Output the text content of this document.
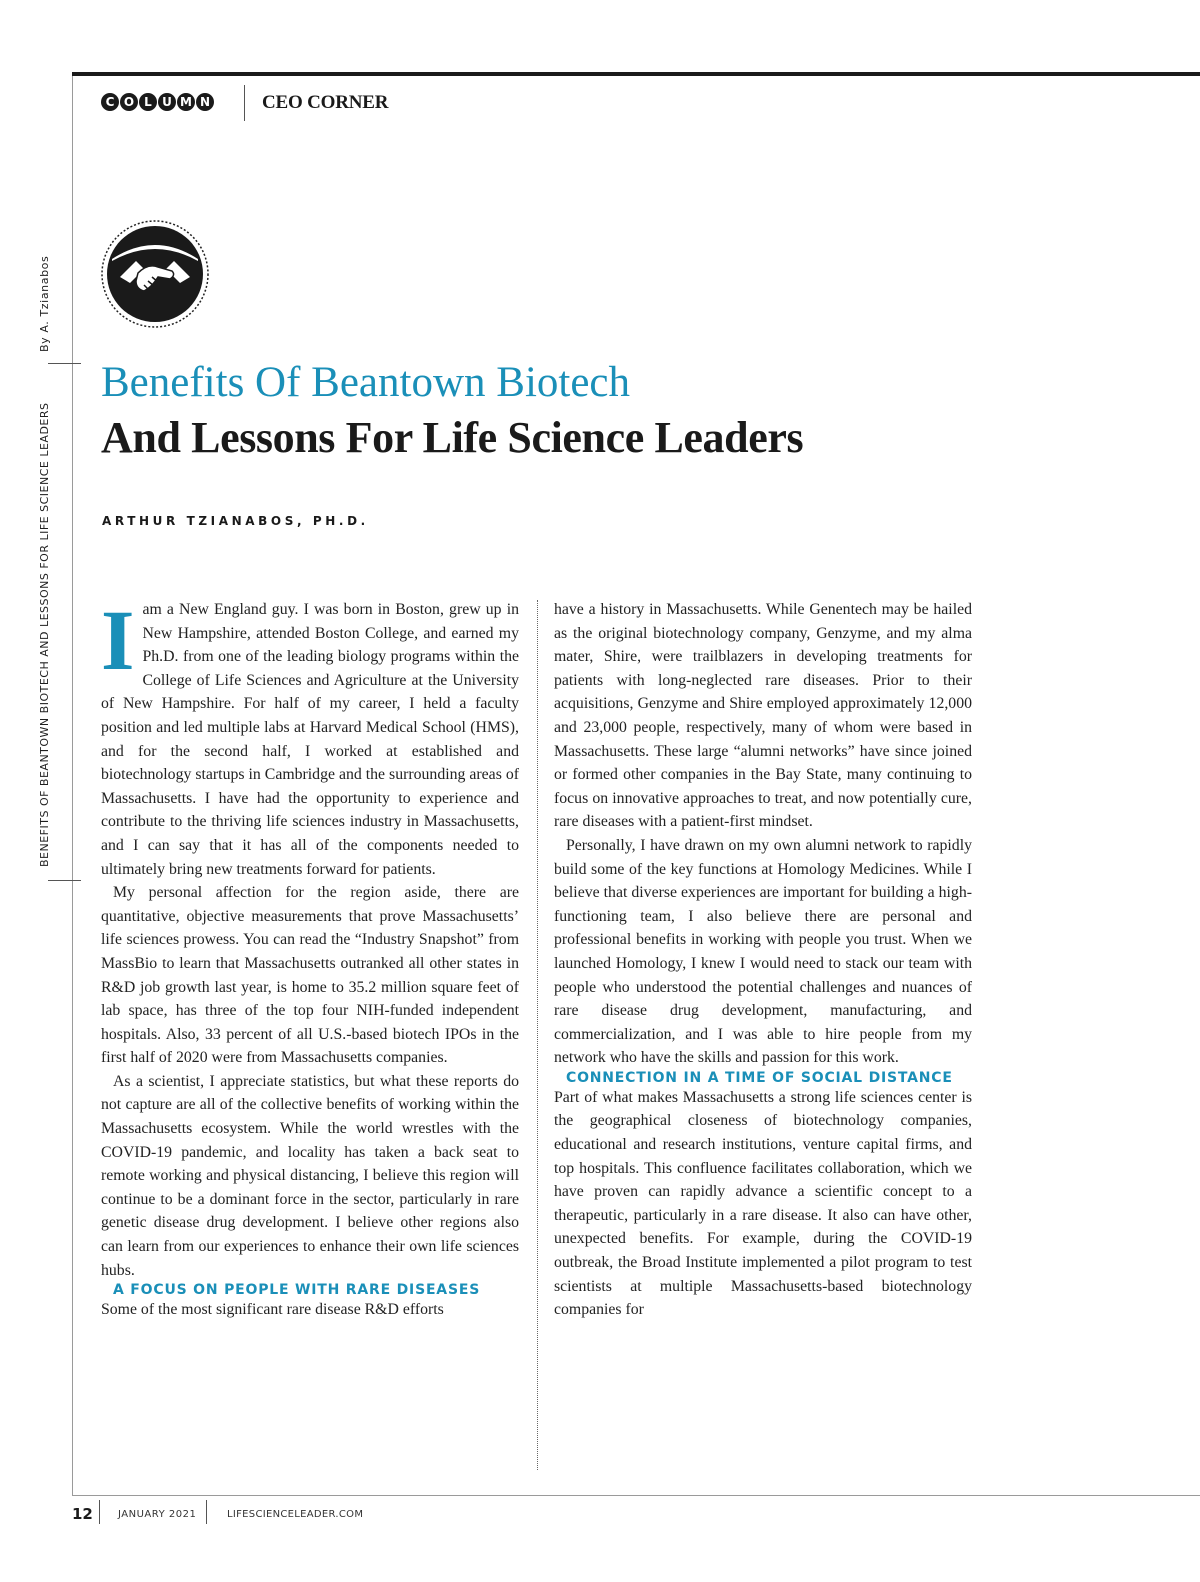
C O L U M N	CEO CORNER
By A. Tzianabos
BENEFITS OF BEANTOWN BIOTECH AND LESSONS FOR LIFE SCIENCE LEADERS
Benefits Of Beantown Biotech
And Lessons For Life Science Leaders
ARTHUR TZIANABOS, PH.D.

Iam a New England guy. I was born in Boston, grew up in New Hampshire, attended Boston College, and earned my Ph.D. from one of the leading biology programs within the College of Life Sciences and Agriculture at the University of New Hampshire. For half of my career, I held a faculty position and led multiple labs at Harvard Medical School (HMS), and for the second half, I worked at established and biotechnology startups in Cambridge and the surrounding areas of Massachusetts. I have had the opportunity to experience and contribute to the thriving life sciences industry in Massachusetts, and I can say that it has all of the components needed to ultimately bring new treatments forward for patients.

My personal affection for the region aside, there are quantitative, objective measurements that prove Massachusetts’ life sciences prowess. You can read the “Industry Snapshot” from MassBio to learn that Massachusetts outranked all other states in R&D job growth last year, is home to 35.2 million square feet of lab space, has three of the top four NIH-funded independent hospitals. Also, 33 percent of all U.S.-based biotech IPOs in the first half of 2020 were from Massachusetts companies.

As a scientist, I appreciate statistics, but what these reports do not capture are all of the collective benefits of working within the Massachusetts ecosystem. While the world wrestles with the COVID-19 pandemic, and locality has taken a back seat to remote working and physical distancing, I believe this region will continue to be a dominant force in the sector, particularly in rare genetic disease drug development. I believe other regions also can learn from our experiences to enhance their own life sciences hubs.

A FOCUS ON PEOPLE WITH RARE DISEASES

Some of the most significant rare disease R&D efforts

have a history in Massachusetts. While Genentech may be hailed as the original biotechnology company, Genzyme, and my alma mater, Shire, were trailblazers in developing treatments for patients with long-neglected rare diseases. Prior to their acquisitions, Genzyme and Shire employed approximately 12,000 and 23,000 people, respectively, many of whom were based in Massachusetts. These large “alumni networks” have since joined or formed other companies in the Bay State, many continuing to focus on innovative approaches to treat, and now potentially cure, rare diseases with a patient-first mindset.

Personally, I have drawn on my own alumni network to rapidly build some of the key functions at Homology Medicines. While I believe that diverse experiences are important for building a high-functioning team, I also believe there are personal and professional benefits in working with people you trust. When we launched Homology, I knew I would need to stack our team with people who understood the potential challenges and nuances of rare disease drug development, manufacturing, and commercialization, and I was able to hire people from my network who have the skills and passion for this work.

CONNECTION IN A TIME OF SOCIAL DISTANCE

Part of what makes Massachusetts a strong life sciences center is the geographical closeness of biotechnology companies, educational and research institutions, venture capital firms, and top hospitals. This confluence facilitates collaboration, which we have proven can rapidly advance a scientific concept to a therapeutic, particularly in a rare disease. It also can have other, unexpected benefits. For example, during the COVID-19 outbreak, the Broad Institute implemented a pilot program to test scientists at multiple Massachusetts-based biotechnology companies for

12	JANUARY 2021	LIFESCIENCELEADER.COM
